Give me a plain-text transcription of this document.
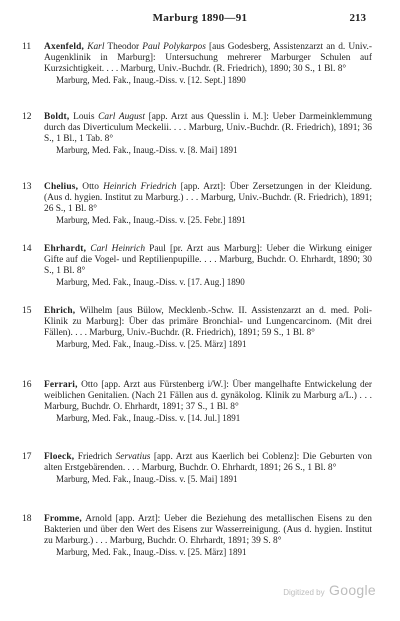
Marburg 1890—91	213
11	Axenfeld, Karl Theodor Paul Polykarpos [aus Godesberg, Assistenzarzt an d. Univ.-Augenklinik in Marburg]: Untersuchung mehrerer Marburger Schulen auf Kurzsichtigkeit. . . . Marburg, Univ.-Buchdr. (R. Friedrich), 1890; 30 S., 1 Bl. 8°
Marburg, Med. Fak., Inaug.-Diss. v. [12. Sept.] 1890
12	Boldt, Louis Carl August [app. Arzt aus Quesslin i. M.]: Ueber Darmeinklemmung durch das Diverticulum Meckelii. . . . Marburg, Univ.-Buchdr. (R. Friedrich), 1891; 36 S., 1 Bl., 1 Tab. 8°
Marburg, Med. Fak., Inaug.-Diss. v. [8. Mai] 1891
13	Chelius, Otto Heinrich Friedrich [app. Arzt]: Über Zersetzungen in der Kleidung. (Aus d. hygien. Institut zu Marburg.) . . . Marburg, Univ.-Buchdr. (R. Friedrich), 1891; 26 S., 1 Bl. 8°
Marburg, Med. Fak., Inaug.-Diss. v. [25. Febr.] 1891
14	Ehrhardt, Carl Heinrich Paul [pr. Arzt aus Marburg]: Ueber die Wirkung einiger Gifte auf die Vogel- und Reptilienpupille. . . . Marburg, Buchdr. O. Ehrhardt, 1890; 30 S., 1 Bl. 8°
Marburg, Med. Fak., Inaug.-Diss. v. [17. Aug.] 1890
15	Ehrich, Wilhelm [aus Bülow, Mecklenb.-Schw. II. Assistenzarzt an d. med. Poli-Klinik zu Marburg]: Über das primäre Bronchial- und Lungencarcinom. (Mit drei Fällen). . . . Marburg, Univ.-Buchdr. (R. Friedrich), 1891; 59 S., 1 Bl. 8°
Marburg, Med. Fak., Inaug.-Diss. v. [25. März] 1891
16	Ferrari, Otto [app. Arzt aus Fürstenberg i/W.]: Über mangelhafte Entwickelung der weiblichen Genitalien. (Nach 21 Fällen aus d. gynäkolog. Klinik zu Marburg a/L.) . . . Marburg, Buchdr. O. Ehrhardt, 1891; 37 S., 1 Bl. 8°
Marburg, Med. Fak., Inaug.-Diss. v. [14. Jul.] 1891
17	Floeck, Friedrich Servatius [app. Arzt aus Kaerlich bei Coblenz]: Die Geburten von alten Erstgebärenden. . . . Marburg, Buchdr. O. Ehrhardt, 1891; 26 S., 1 Bl. 8°
Marburg, Med. Fak., Inaug.-Diss. v. [5. Mai] 1891
18	Fromme, Arnold [app. Arzt]: Ueber die Beziehung des metallischen Eisens zu den Bakterien und über den Wert des Eisens zur Wasserreinigung. (Aus d. hygien. Institut zu Marburg.) . . . Marburg, Buchdr. O. Ehrhardt, 1891; 39 S. 8°
Marburg, Med. Fak., Inaug.-Diss. v. [25. März] 1891
Digitized by Google
